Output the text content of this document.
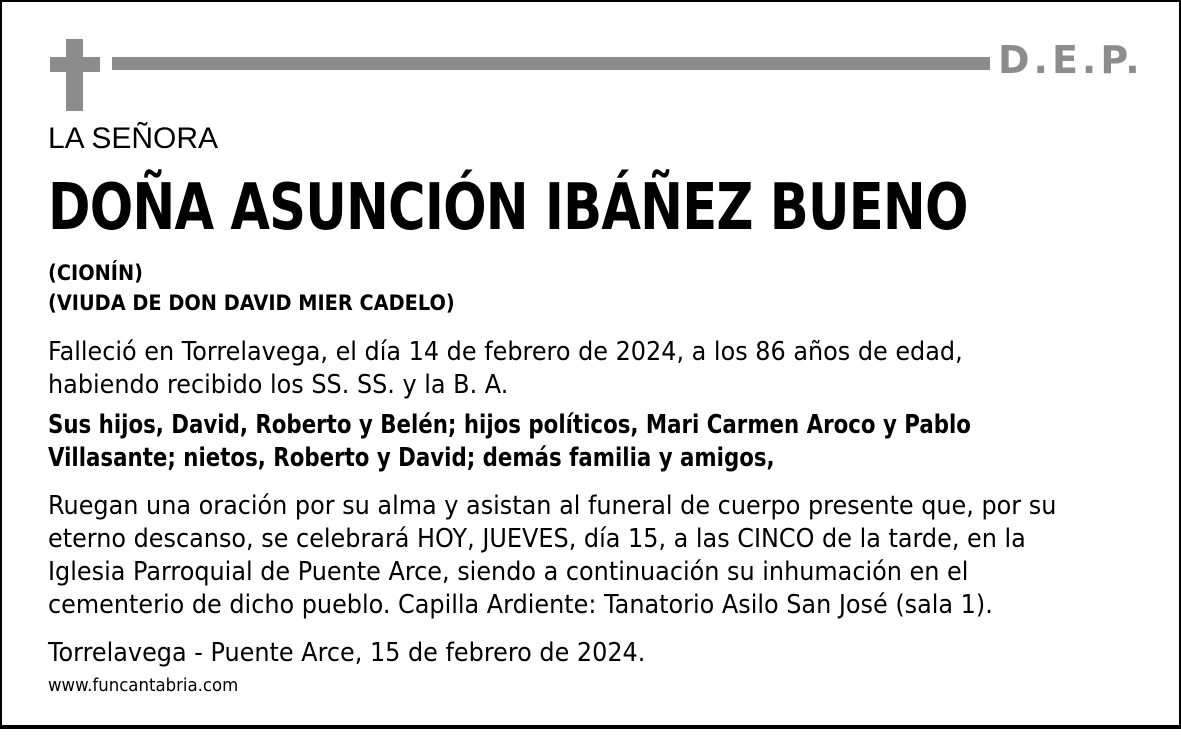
D.E.P.
LA SEÑORA
DOÑA ASUNCIÓN IBÁÑEZ BUENO
(CIONÍN)
(VIUDA DE DON DAVID MIER CADELO)
Falleció en Torrelavega, el día 14 de febrero de 2024, a los 86 años de edad,
habiendo recibido los SS. SS. y la B. A.
Sus hijos, David, Roberto y Belén; hijos políticos, Mari Carmen Aroco y Pablo
Villasante; nietos, Roberto y David; demás familia y amigos,
Ruegan una oración por su alma y asistan al funeral de cuerpo presente que, por su
eterno descanso, se celebrará HOY, JUEVES, día 15, a las CINCO de la tarde, en la
Iglesia Parroquial de Puente Arce, siendo a continuación su inhumación en el
cementerio de dicho pueblo. Capilla Ardiente: Tanatorio Asilo San José (sala 1).
Torrelavega - Puente Arce, 15 de febrero de 2024.
www.funcantabria.com
